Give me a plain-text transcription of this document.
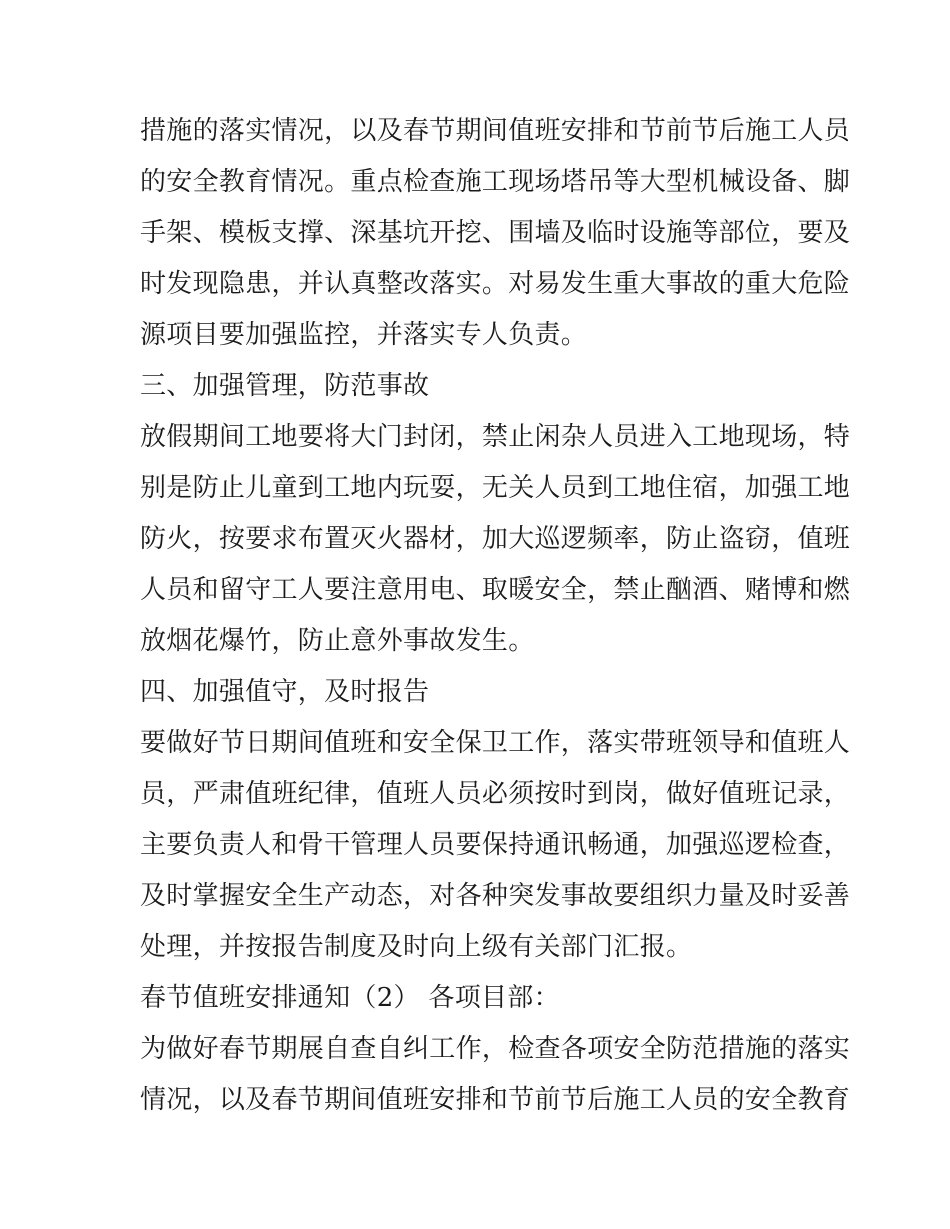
措施的落实情况，以及春节期间值班安排和节前节后施工人员
的安全教育情况。重点检查施工现场塔吊等大型机械设备、脚
手架、模板支撑、深基坑开挖、围墙及临时设施等部位，要及
时发现隐患，并认真整改落实。对易发生重大事故的重大危险
源项目要加强监控，并落实专人负责。
三、加强管理，防范事故
放假期间工地要将大门封闭，禁止闲杂人员进入工地现场，特
别是防止儿童到工地内玩耍，无关人员到工地住宿，加强工地
防火，按要求布置灭火器材，加大巡逻频率，防止盗窃，值班
人员和留守工人要注意用电、取暖安全，禁止酗酒、赌博和燃
放烟花爆竹，防止意外事故发生。
四、加强值守，及时报告
要做好节日期间值班和安全保卫工作，落实带班领导和值班人
员，严肃值班纪律，值班人员必须按时到岗，做好值班记录，
主要负责人和骨干管理人员要保持通讯畅通，加强巡逻检查，
及时掌握安全生产动态，对各种突发事故要组织力量及时妥善
处理，并按报告制度及时向上级有关部门汇报。
春节值班安排通知（2） 各项目部：
为做好春节期展自查自纠工作，检查各项安全防范措施的落实
情况，以及春节期间值班安排和节前节后施工人员的安全教育
